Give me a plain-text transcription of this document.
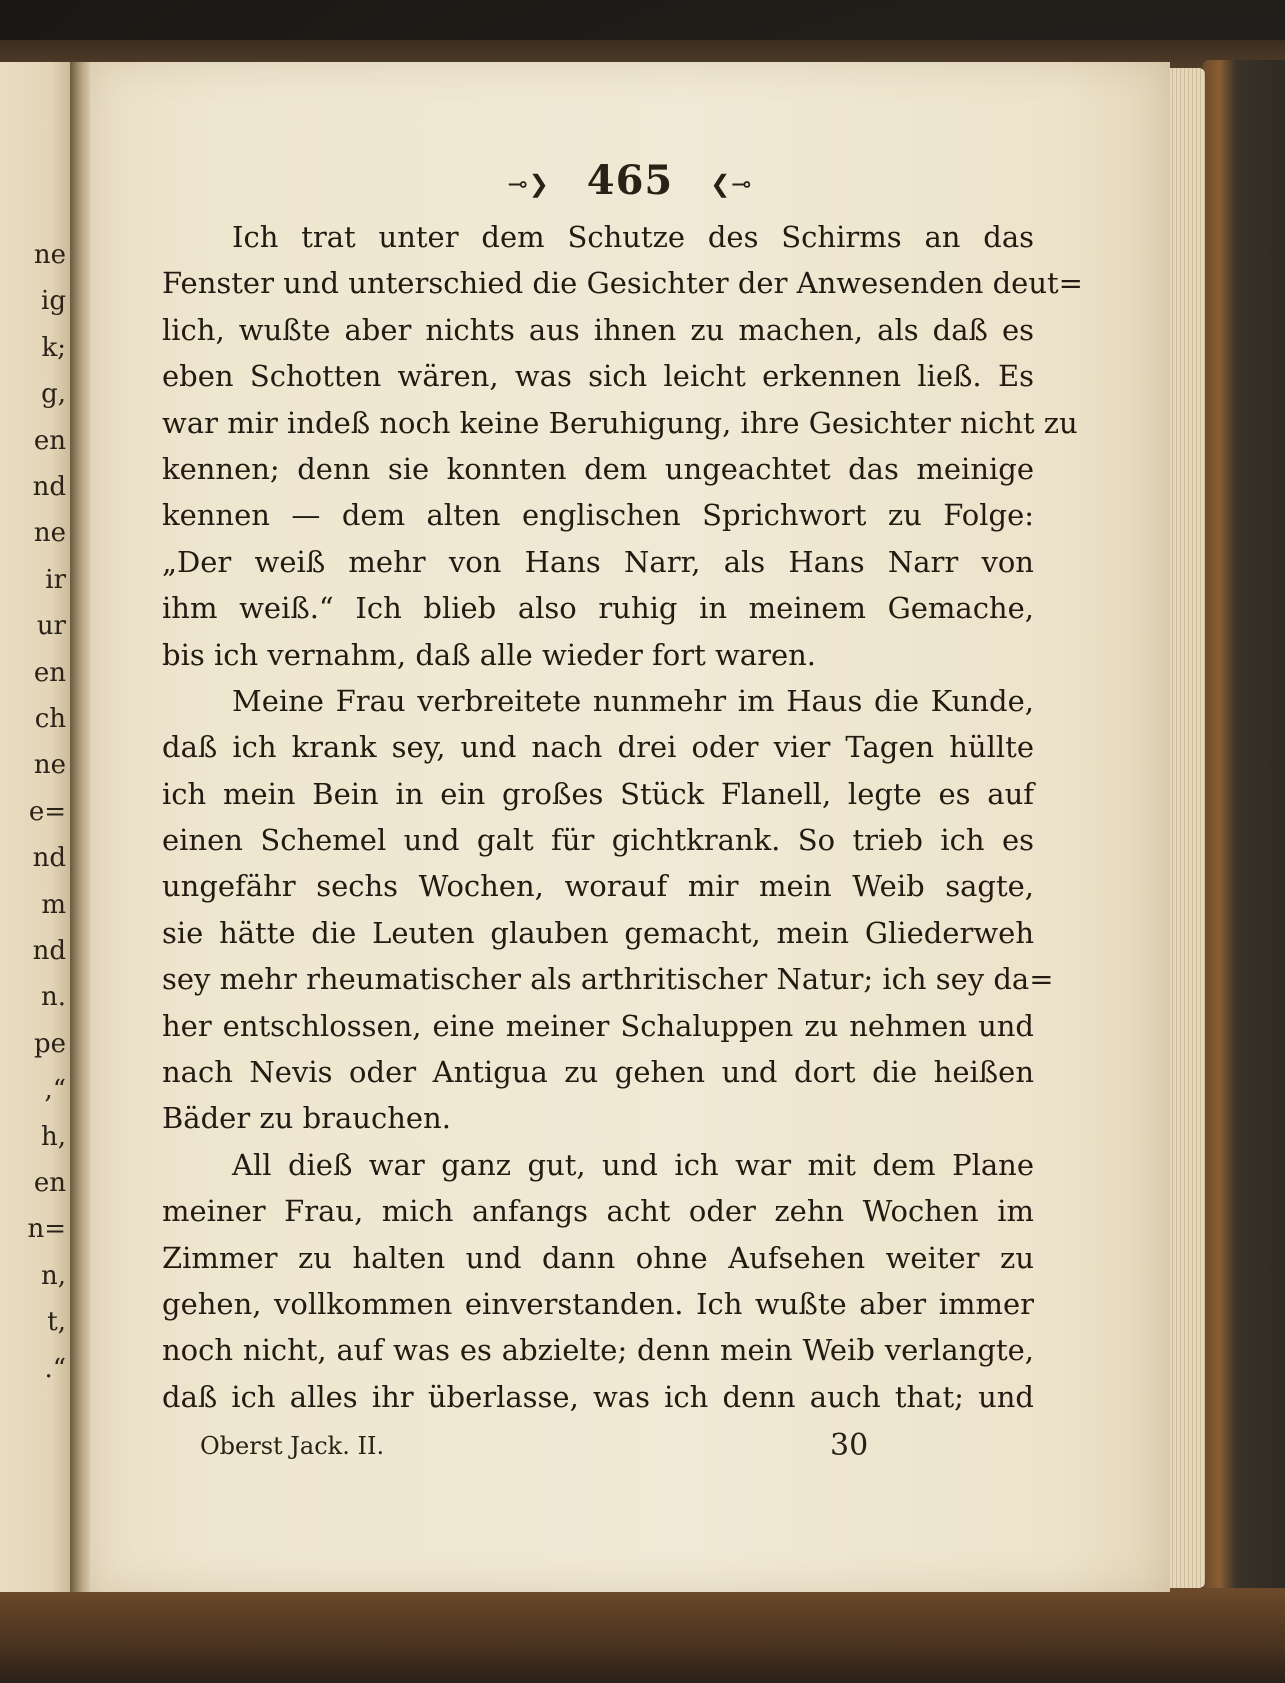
ne
ig
k;
g,
en
nd
ne
ir
ur
en
ch
ne
e=
nd
m
nd
n.
pe
,“
h,
en
n=
n,
t,
.“
⊸❯ 465 ❮⊸
Ich trat unter dem Schutze des Schirms an das
Fenster und unterschied die Gesichter der Anwesenden deut=
lich, wußte aber nichts aus ihnen zu machen, als daß es
eben Schotten wären, was sich leicht erkennen ließ. Es
war mir indeß noch keine Beruhigung, ihre Gesichter nicht zu
kennen; denn sie konnten dem ungeachtet das meinige
kennen — dem alten englischen Sprichwort zu Folge:
„Der weiß mehr von Hans Narr, als Hans Narr von
ihm weiß.“ Ich blieb also ruhig in meinem Gemache,
bis ich vernahm, daß alle wieder fort waren.
Meine Frau verbreitete nunmehr im Haus die Kunde,
daß ich krank sey, und nach drei oder vier Tagen hüllte
ich mein Bein in ein großes Stück Flanell, legte es auf
einen Schemel und galt für gichtkrank. So trieb ich es
ungefähr sechs Wochen, worauf mir mein Weib sagte,
sie hätte die Leuten glauben gemacht, mein Gliederweh
sey mehr rheumatischer als arthritischer Natur; ich sey da=
her entschlossen, eine meiner Schaluppen zu nehmen und
nach Nevis oder Antigua zu gehen und dort die heißen
Bäder zu brauchen.
All dieß war ganz gut, und ich war mit dem Plane
meiner Frau, mich anfangs acht oder zehn Wochen im
Zimmer zu halten und dann ohne Aufsehen weiter zu
gehen, vollkommen einverstanden. Ich wußte aber immer
noch nicht, auf was es abzielte; denn mein Weib verlangte,
daß ich alles ihr überlasse, was ich denn auch that; und
Oberst Jack. II.	30
